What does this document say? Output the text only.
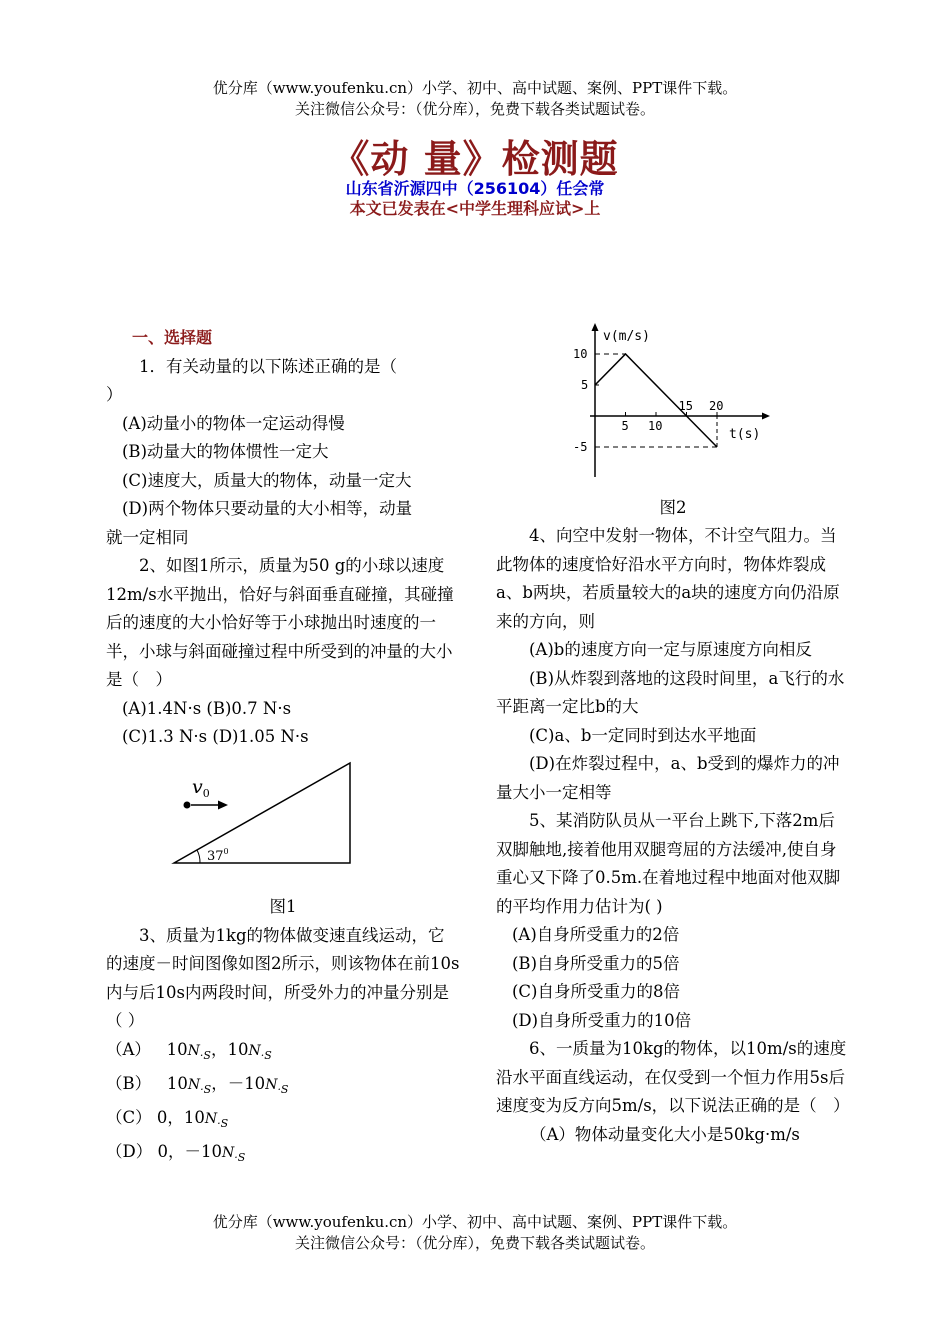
优分库（www.youfenku.cn）小学、初中、高中试题、案例、PPT课件下载。
关注微信公众号：（优分库），免费下载各类试题试卷。
《动 量》检测题
山东省沂源四中（256104）任会常
本文已发表在<中学生理科应试>上

一、选择题

1．有关动量的以下陈述正确的是（

）

(A)动量小的物体一定运动得慢

(B)动量大的物体惯性一定大

(C)速度大，质量大的物体，动量一定大

(D)两个物体只要动量的大小相等，动量

就一定相同

2、如图1所示，质量为50 g的小球以速度12m/s水平抛出，恰好与斜面垂直碰撞，其碰撞后的速度的大小恰好等于小球抛出时速度的一半，小球与斜面碰撞过程中所受到的冲量的大小是（　）

(A)1.4N·s (B)0.7 N·s

(C)1.3 N·s (D)1.05 N·s

$v_0$
$37^0$

图1

3、质量为1kg的物体做变速直线运动，它的速度－时间图像如图2所示，则该物体在前10s内与后10s内两段时间，所受外力的冲量分别是（ ）

（A） $10N_{\cdot S}$，$10N_{\cdot S}$

（B） $10N_{\cdot S}$，$-10N_{\cdot S}$

（C） 0，$10N_{\cdot S}$

（D） 0，$-10N_{\cdot S}$

v(m/s)
t(s)
10
5
-5
5 10
15 20

图2

4、向空中发射一物体，不计空气阻力。当此物体的速度恰好沿水平方向时，物体炸裂成a、b两块，若质量较大的a块的速度方向仍沿原来的方向，则

(A)b的速度方向一定与原速度方向相反

(B)从炸裂到落地的这段时间里，a飞行的水平距离一定比b的大

(C)a、b一定同时到达水平地面

(D)在炸裂过程中，a、b受到的爆炸力的冲量大小一定相等

5、某消防队员从一平台上跳下,下落2m后双脚触地,接着他用双腿弯屈的方法缓冲,使自身重心又下降了0.5m.在着地过程中地面对他双脚的平均作用力估计为( )

(A)自身所受重力的2倍

(B)自身所受重力的5倍

(C)自身所受重力的8倍

(D)自身所受重力的10倍

6、一质量为10kg的物体，以10m/s的速度沿水平面直线运动，在仅受到一个恒力作用5s后速度变为反方向5m/s，以下说法正确的是（　）

（A）物体动量变化大小是50kg·m/s

优分库（www.youfenku.cn）小学、初中、高中试题、案例、PPT课件下载。
关注微信公众号：（优分库），免费下载各类试题试卷。
